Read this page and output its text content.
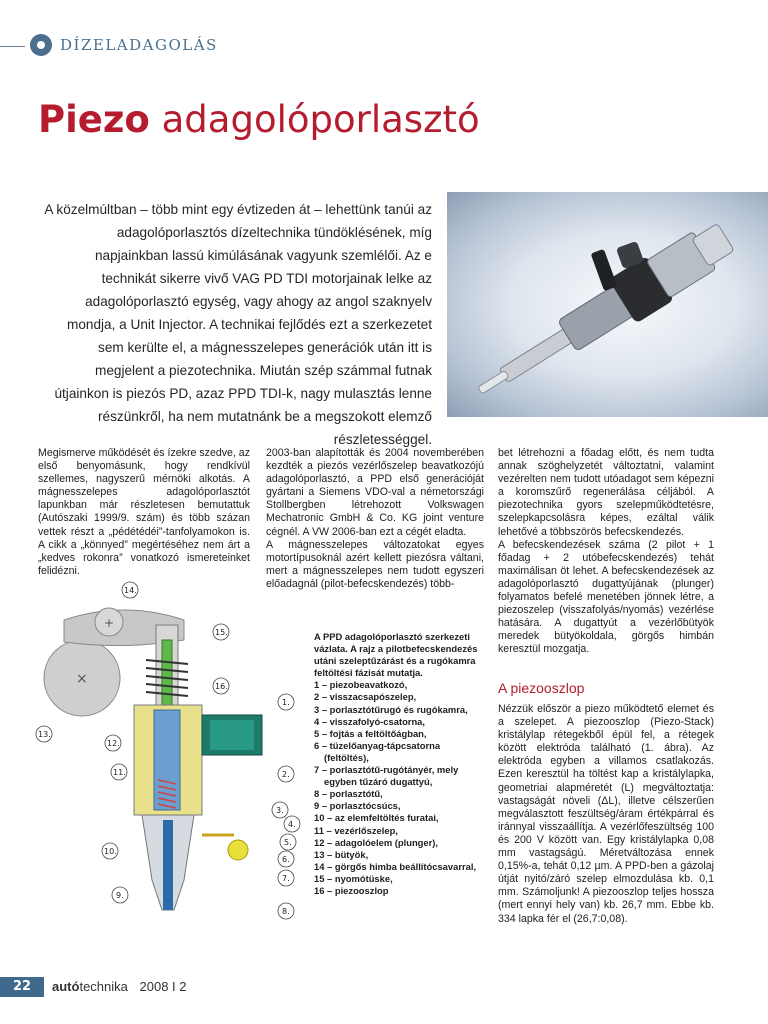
DÍZELADAGOLÁS
Piezo adagolóporlasztó
A közelmúltban – több mint egy évtizeden át – lehettünk tanúi az adagolóporlasztós dízeltechnika tündöklésének, míg napjainkban lassú kimúlásának vagyunk szemlélői. Az e technikát sikerre vivő VAG PD TDI motorjainak lelke az adagolóporlasztó egység, vagy ahogy az angol szaknyelv mondja, a Unit Injector. A technikai fejlődés ezt a szerkezetet sem kerülte el, a mágnesszelepes generációk után itt is megjelent a piezotechnika. Miután szép számmal futnak útjainkon is piezós PD, azaz PPD TDI-k, nagy mulasztás lenne részünkről, ha nem mutatnánk be a megszokott elemző részletességgel.

Megismerve működését és ízekre szedve, az első benyomásunk, hogy rendkívül szellemes, nagyszerű mérnöki alkotás. A mágnesszelepes adagolóporlasztót lapunkban már részletesen bemutattuk (Autószaki 1999/9. szám) és több százan vettek részt a „pédétédéi”-tanfolyamokon is. A cikk a „könnyed” megértéséhez nem árt a „kedves rokonra” vonatkozó ismereteinket felidézni.

2003-ban alapították és 2004 novemberében kezdték a piezós vezérlőszelep beavatkozójú adagolóporlasztó, a PPD első generációját gyártani a Siemens VDO-val a németországi Stollbergben létrehozott Volkswagen Mechatronic GmbH & Co. KG joint venture cégnél. A VW 2006-ban ezt a cégét eladta.

A mágnesszelepes változatokat egyes motortípusoknál azért kellett piezósra váltani, mert a mágnesszelepes nem tudott egyszeri előadagnál (pilot-befecskendezés) több-

bet létrehozni a főadag előtt, és nem tudta annak szöghelyzetét változtatni, valamint vezérelten nem tudott utóadagot sem képezni a koromszűrő regenerálása céljából. A piezotechnika gyors szelepműködtetésre, szelepkapcsolásra képes, ezáltal válik lehetővé a többszörös befecskendezés.

A befecskendezések száma (2 pilot + 1 főadag + 2 utóbefecskendezés) tehát maximálisan öt lehet. A befecskendezések az adagolóporlasztó dugattyújának (plunger) folyamatos befelé menetében jönnek létre, a piezoszelep (visszafolyás/nyomás) vezérlése hatására. A dugattyút a vezérlőbütyök meredek bütyökoldala, görgős himbán keresztül mozgatja.

A piezooszlop

Nézzük először a piezo működtető elemet és a szelepet. A piezooszlop (Piezo-Stack) kristálylap rétegekből épül fel, a rétegek között elektróda található (1. ábra). Az elektróda egyben a villamos csatlakozás. Ezen keresztül ha töltést kap a kristálylapka, geometriai alapméretét (L) megváltoztatja: vastagságát növeli (ΔL), illetve célszerűen megválasztott feszültség/áram értékpárral és iránnyal visszaállítja. A vezérlőfeszültség 100 és 200 V között van. Egy kristálylapka 0,08 mm vastagságú. Méretváltozása ennek 0,15%-a, tehát 0,12 µm. A PPD-ben a gázolaj útját nyitó/záró szelep elmozdulása kb. 0,1 mm. Számoljunk! A piezooszlop teljes hossza (mert ennyi hely van) kb. 26,7 mm. Ebbe kb. 334 lapka fér el (26,7:0,08).

A PPD adagolóporlasztó szerkezeti vázlata. A rajz a pilotbefecskendezés utáni szeleptűzárást és a rugókamra feltöltési fázisát mutatja.
1 – piezobeavatkozó,
2 – visszacsapószelep,
3 – porlasztótűrugó és rugókamra,
4 – visszafolyó-csatorna,
5 – fojtás a feltöltőágban,
6 – tüzelőanyag-tápcsatorna (feltöltés),
7 – porlasztótű-rugótányér, mely egyben tűzáró dugattyú,
8 – porlasztótű,
9 – porlasztócsúcs,
10 – az elemfeltöltés furatai,
11 – vezérlőszelep,
12 – adagolóelem (plunger),
13 – bütyök,
14 – görgős himba beállítócsavarral,
15 – nyomótüske,
16 – piezooszlop
×
+
14.
15.
16.
1.
12.
13.
11.	2.
3.
4.
5.
10.
6.
7.
9.
8.
22	autótechnika 2008 I 2
